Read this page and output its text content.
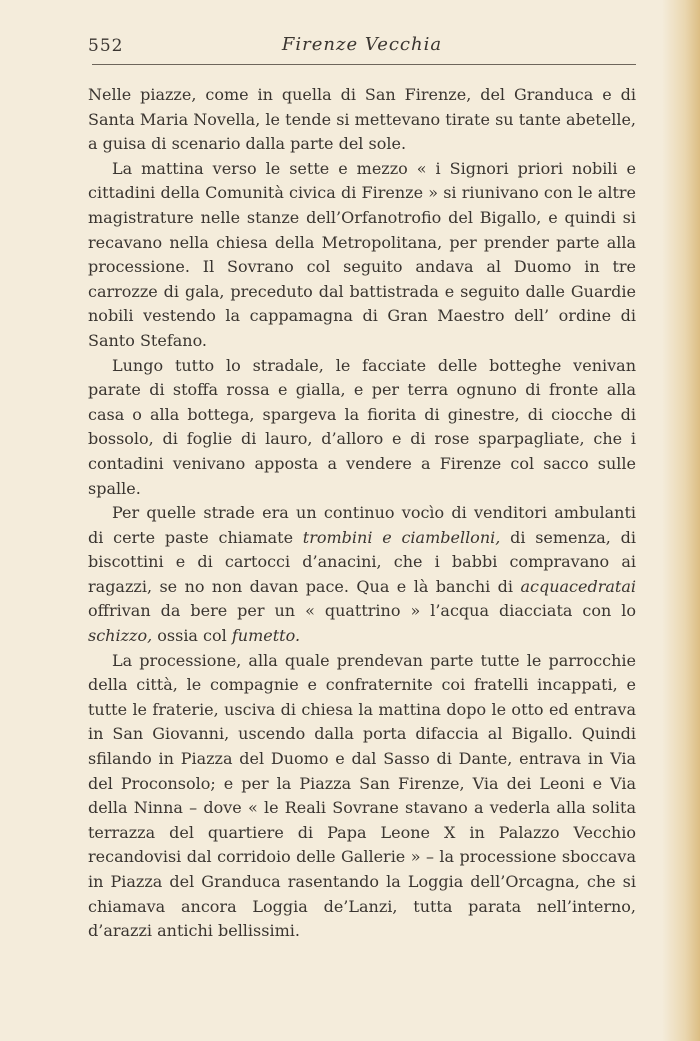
552	Firenze Vecchia

Nelle piazze, come in quella di San Firenze, del Granduca e di Santa Maria Novella, le tende si mettevano tirate su tante abetelle, a guisa di scenario dalla parte del sole.

La mattina verso le sette e mezzo « i Signori priori nobili e cittadini della Comunità civica di Firenze » si riunivano con le altre magistrature nelle stanze dell’Orfanotrofio del Bigallo, e quindi si recavano nella chiesa della Metropolitana, per prender parte alla processione. Il Sovrano col seguito andava al Duomo in tre carrozze di gala, preceduto dal battistrada e seguito dalle Guardie nobili vestendo la cappamagna di Gran Maestro dell’ ordine di Santo Stefano.

Lungo tutto lo stradale, le facciate delle botteghe venivan parate di stoffa rossa e gialla, e per terra ognuno di fronte alla casa o alla bottega, spargeva la fiorita di ginestre, di ciocche di bossolo, di foglie di lauro, d’alloro e di rose sparpagliate, che i contadini venivano apposta a vendere a Firenze col sacco sulle spalle.

Per quelle strade era un continuo vocìo di venditori ambulanti di certe paste chiamate trombini e ciambelloni, di semenza, di biscottini e di cartocci d’anacini, che i babbi compravano ai ragazzi, se no non davan pace. Qua e là banchi di acquacedratai offrivan da bere per un « quattrino » l’acqua diacciata con lo schizzo, ossia col fumetto.

La processione, alla quale prendevan parte tutte le parrocchie della città, le compagnie e confraternite coi fratelli incappati, e tutte le fraterie, usciva di chiesa la mattina dopo le otto ed entrava in San Giovanni, uscendo dalla porta difaccia al Bigallo. Quindi sfilando in Piazza del Duomo e dal Sasso di Dante, entrava in Via del Proconsolo; e per la Piazza San Firenze, Via dei Leoni e Via della Ninna – dove « le Reali Sovrane stavano a vederla alla solita terrazza del quartiere di Papa Leone X in Palazzo Vecchio recandovisi dal corridoio delle Gallerie » – la processione sboccava in Piazza del Granduca rasentando la Loggia dell’Orcagna, che si chiamava ancora Loggia de’Lanzi, tutta parata nell’interno, d’arazzi antichi bellissimi.
